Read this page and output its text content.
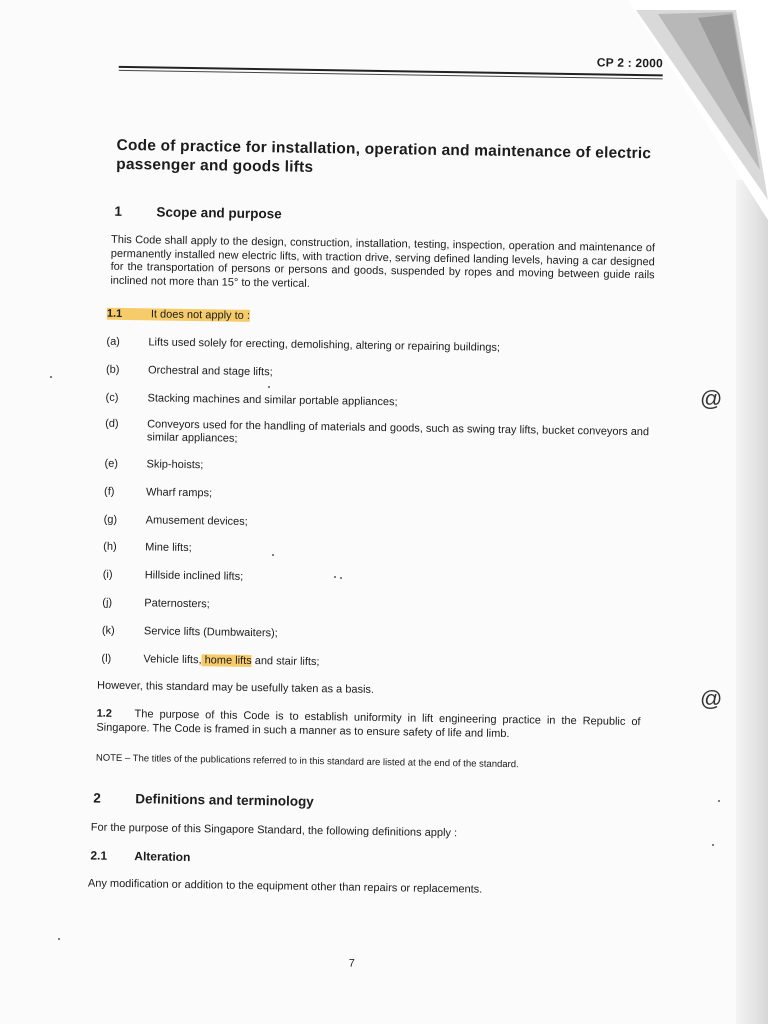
CP 2 : 2000
Code of practice for installation, operation and maintenance of electric passenger and goods lifts
1	Scope and purpose
This Code shall apply to the design, construction, installation, testing, inspection, operation and maintenance of permanently installed new electric lifts, with traction drive, serving defined landing levels, having a car designed for the transportation of persons or persons and goods, suspended by ropes and moving between guide rails inclined not more than 15° to the vertical.
1.1	It does not apply to :
(a)	Lifts used solely for erecting, demolishing, altering or repairing buildings;
(b)	Orchestral and stage lifts;
(c)	Stacking machines and similar portable appliances;
(d)	Conveyors used for the handling of materials and goods, such as swing tray lifts, bucket conveyors and similar appliances;
(e)	Skip-hoists;
(f)	Wharf ramps;
(g)	Amusement devices;
(h)	Mine lifts;
(i)	Hillside inclined lifts;
(j)	Paternosters;
(k)	Service lifts (Dumbwaiters);
(l)	Vehicle lifts, home lifts and stair lifts;
However, this standard may be usefully taken as a basis.
1.2 The purpose of this Code is to establish uniformity in lift engineering practice in the Republic of Singapore. The Code is framed in such a manner as to ensure safety of life and limb.
NOTE – The titles of the publications referred to in this standard are listed at the end of the standard.
2	Definitions and terminology
For the purpose of this Singapore Standard, the following definitions apply :
2.1 Alteration
Any modification or addition to the equipment other than repairs or replacements.
7
@
@
